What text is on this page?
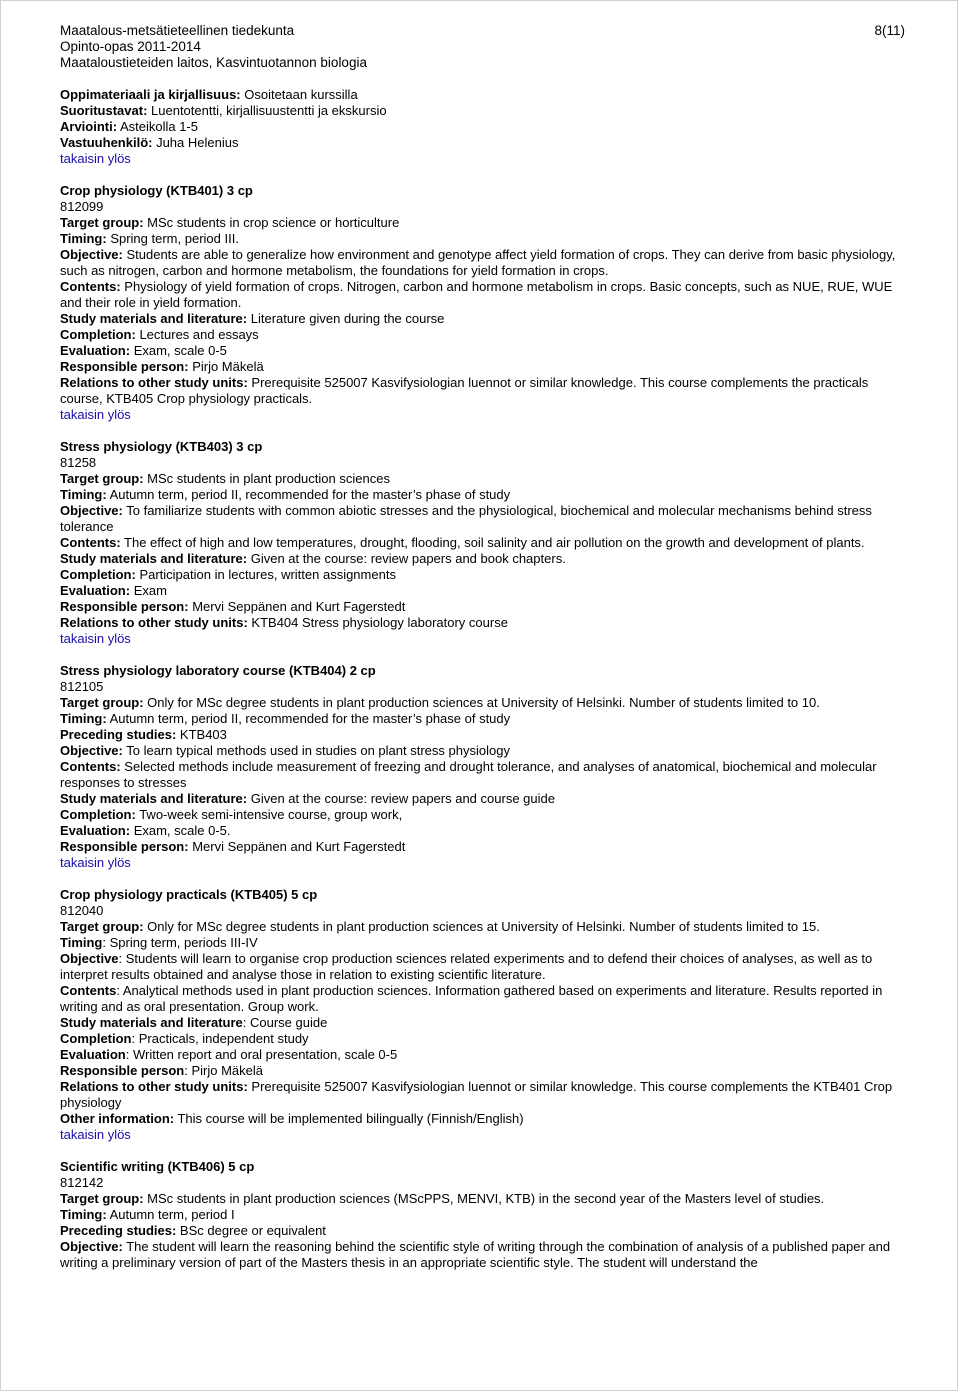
Maatalous-metsätieteellinen tiedekunta
Opinto-opas 2011-2014
Maataloustieteiden laitos, Kasvintuotannon biologia
8(11)
Oppimateriaali ja kirjallisuus: Osoitetaan kurssilla
Suoritustavat: Luentotentti, kirjallisuustentti ja ekskursio
Arviointi: Asteikolla 1-5
Vastuuhenkilö: Juha Helenius
takaisin ylös
Crop physiology (KTB401) 3 cp
812099
Target group: MSc students in crop science or horticulture
Timing: Spring term, period III.
Objective: Students are able to generalize how environment and genotype affect yield formation of crops. They can derive from basic physiology, such as nitrogen, carbon and hormone metabolism, the foundations for yield formation in crops.
Contents: Physiology of yield formation of crops. Nitrogen, carbon and hormone metabolism in crops. Basic concepts, such as NUE, RUE, WUE and their role in yield formation.
Study materials and literature: Literature given during the course
Completion: Lectures and essays
Evaluation: Exam, scale 0-5
Responsible person: Pirjo Mäkelä
Relations to other study units: Prerequisite 525007 Kasvifysiologian luennot or similar knowledge. This course complements the practicals course, KTB405 Crop physiology practicals.
takaisin ylös
Stress physiology (KTB403) 3 cp
81258
Target group: MSc students in plant production sciences
Timing: Autumn term, period II, recommended for the master’s phase of study
Objective: To familiarize students with common abiotic stresses and the physiological, biochemical and molecular mechanisms behind stress tolerance
Contents: The effect of high and low temperatures, drought, flooding, soil salinity and air pollution on the growth and development of plants.
Study materials and literature: Given at the course: review papers and book chapters.
Completion: Participation in lectures, written assignments
Evaluation: Exam
Responsible person: Mervi Seppänen and Kurt Fagerstedt
Relations to other study units: KTB404 Stress physiology laboratory course
takaisin ylös
Stress physiology laboratory course (KTB404) 2 cp
812105
Target group: Only for MSc degree students in plant production sciences at University of Helsinki. Number of students limited to 10.
Timing: Autumn term, period II, recommended for the master’s phase of study
Preceding studies: KTB403
Objective: To learn typical methods used in studies on plant stress physiology
Contents: Selected methods include measurement of freezing and drought tolerance, and analyses of anatomical, biochemical and molecular responses to stresses
Study materials and literature: Given at the course: review papers and course guide
Completion: Two-week semi-intensive course, group work,
Evaluation: Exam, scale 0-5.
Responsible person: Mervi Seppänen and Kurt Fagerstedt
takaisin ylös
Crop physiology practicals (KTB405) 5 cp
812040
Target group: Only for MSc degree students in plant production sciences at University of Helsinki. Number of students limited to 15.
Timing: Spring term, periods III-IV
Objective: Students will learn to organise crop production sciences related experiments and to defend their choices of analyses, as well as to interpret results obtained and analyse those in relation to existing scientific literature.
Contents: Analytical methods used in plant production sciences. Information gathered based on experiments and literature. Results reported in writing and as oral presentation. Group work.
Study materials and literature: Course guide
Completion: Practicals, independent study
Evaluation: Written report and oral presentation, scale 0-5
Responsible person: Pirjo Mäkelä
Relations to other study units: Prerequisite 525007 Kasvifysiologian luennot or similar knowledge. This course complements the KTB401 Crop physiology
Other information: This course will be implemented bilingually (Finnish/English)
takaisin ylös
Scientific writing (KTB406) 5 cp
812142
Target group: MSc students in plant production sciences (MScPPS, MENVI, KTB) in the second year of the Masters level of studies.
Timing: Autumn term, period I
Preceding studies: BSc degree or equivalent
Objective: The student will learn the reasoning behind the scientific style of writing through the combination of analysis of a published paper and writing a preliminary version of part of the Masters thesis in an appropriate scientific style. The student will understand the
